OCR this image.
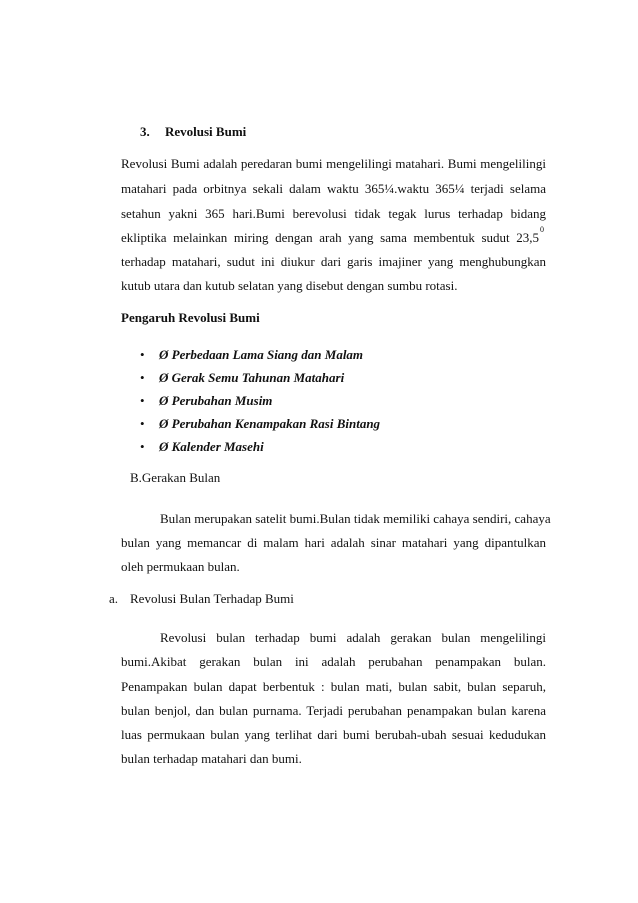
3. Revolusi Bumi
Revolusi Bumi adalah peredaran bumi mengelilingi matahari. Bumi mengelilingi
matahari pada orbitnya sekali dalam waktu 365¼.waktu 365¼ terjadi selama
setahun yakni 365 hari.Bumi berevolusi tidak tegak lurus terhadap bidang
ekliptika melainkan miring dengan arah yang sama membentuk sudut 23,5
0
terhadap matahari, sudut ini diukur dari garis imajiner yang menghubungkan
kutub utara dan kutub selatan yang disebut dengan sumbu rotasi.
Pengaruh Revolusi Bumi
• Ø Perbedaan Lama Siang dan Malam
• Ø Gerak Semu Tahunan Matahari
• Ø Perubahan Musim
• Ø Perubahan Kenampakan Rasi Bintang
• Ø Kalender Masehi
B.Gerakan Bulan
Bulan merupakan satelit bumi.Bulan tidak memiliki cahaya sendiri, cahaya
bulan yang memancar di malam hari adalah sinar matahari yang dipantulkan
oleh permukaan bulan.
a. Revolusi Bulan Terhadap Bumi
Revolusi bulan terhadap bumi adalah gerakan bulan mengelilingi
bumi.Akibat gerakan bulan ini adalah perubahan penampakan bulan.
Penampakan bulan dapat berbentuk : bulan mati, bulan sabit, bulan separuh,
bulan benjol, dan bulan purnama. Terjadi perubahan penampakan bulan karena
luas permukaan bulan yang terlihat dari bumi berubah-ubah sesuai kedudukan
bulan terhadap matahari dan bumi.
